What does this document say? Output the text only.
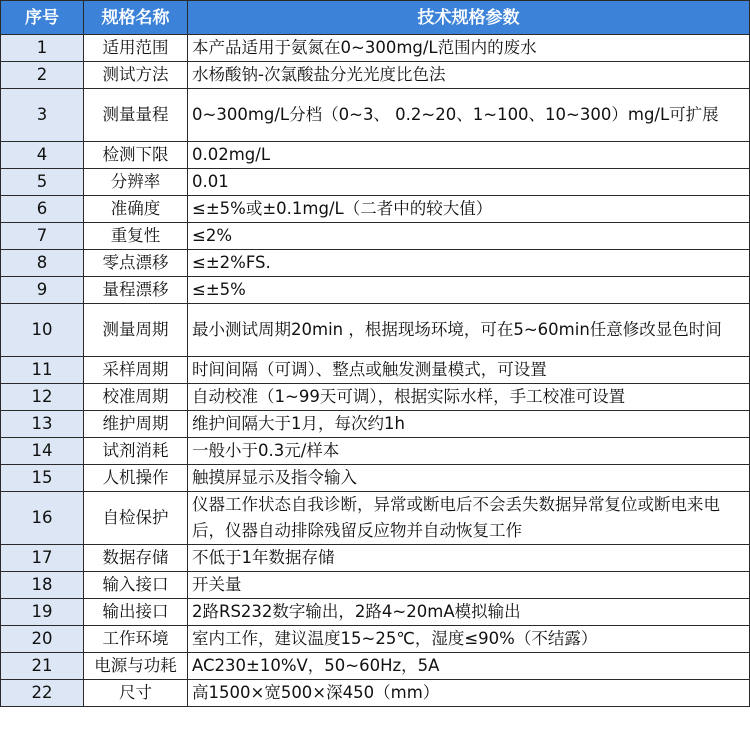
序号	规格名称	技术规格参数
1	适用范围	本产品适用于氨氮在0~300mg/L范围内的废水
2	测试方法	水杨酸钠-次氯酸盐分光光度比色法
3	测量量程	0~300mg/L分档（0~3、 0.2~20、1~100、10~300）mg/L可扩展
4	检测下限	0.02mg/L
5	分辨率	0.01
6	准确度	≤±5%或±0.1mg/L（二者中的较大值）
7	重复性	≤2%
8	零点漂移	≤±2%FS.
9	量程漂移	≤±5%
10	测量周期	最小测试周期20min ，根据现场环境，可在5~60min任意修改显色时间
11	采样周期	时间间隔（可调）、整点或触发测量模式，可设置
12	校准周期	自动校准（1~99天可调），根据实际水样，手工校准可设置
13	维护周期	维护间隔大于1月，每次约1h
14	试剂消耗	一般小于0.3元/样本
15	人机操作	触摸屏显示及指令输入
16	自检保护	仪器工作状态自我诊断，异常或断电后不会丢失数据异常复位或断电来电后，仪器自动排除残留反应物并自动恢复工作
17	数据存储	不低于1年数据存储
18	输入接口	开关量
19	输出接口	2路RS232数字输出，2路4~20mA模拟输出
20	工作环境	室内工作，建议温度15~25℃，湿度≤90%（不结露）
21	电源与功耗	AC230±10%V，50~60Hz，5A
22	尺寸	高1500×宽500×深450（mm）
